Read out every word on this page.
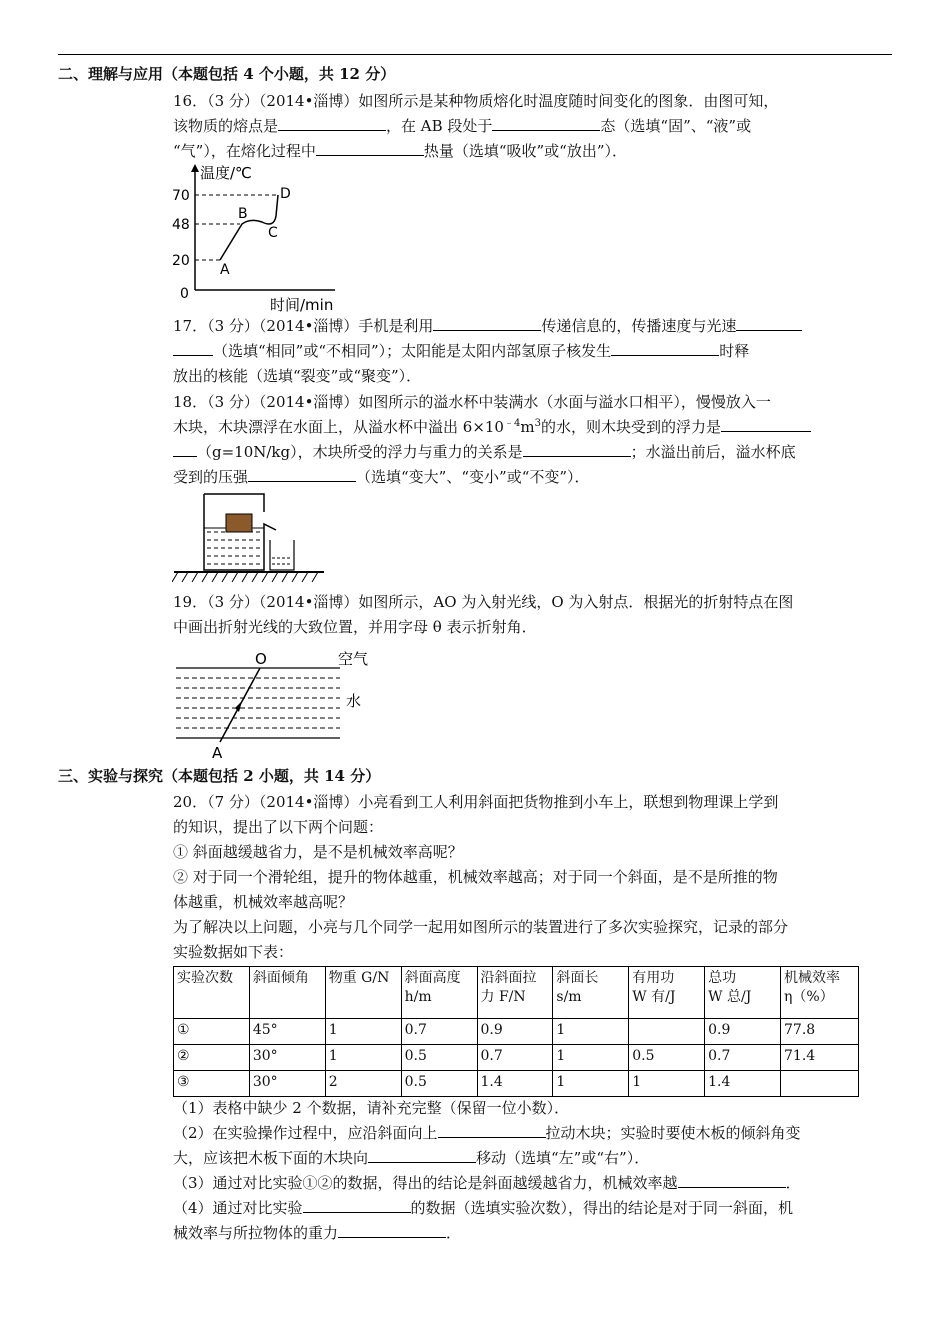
二、理解与应用（本题包括 4 个小题，共 12 分）
16．（3 分）（2014•淄博）如图所示是某种物质熔化时温度随时间变化的图象．由图可知，
该物质的熔点是	，在 AB 段处于	态（选填“固”、“液”或
“气”），在熔化过程中	热量（选填“吸收”或“放出”）．
温度/℃
70
48
20
0
A
B
C
D
时间/min
17．（3 分）（2014•淄博）手机是利用	传递信息的，传播速度与光速
（选填“相同”或“不相同”）；太阳能是太阳内部氢原子核发生	时释
放出的核能（选填“裂变”或“聚变”）．
18．（3 分）（2014•淄博）如图所示的溢水杯中装满水（水面与溢水口相平），慢慢放入一
木块，木块漂浮在水面上，从溢水杯中溢出 $6\times 10^{﹣4}m^3$的水，则木块受到的浮力是
（g=10N/kg），木块所受的浮力与重力的关系是	；水溢出前后，溢水杯底
受到的压强	（选填“变大”、“变小”或“不变”）．
19．（3 分）（2014•淄博）如图所示，AO 为入射光线，O 为入射点．根据光的折射特点在图
中画出折射光线的大致位置，并用字母 θ 表示折射角．
O	空气
水
A
三、实验与探究（本题包括 2 小题，共 14 分）
20．（7 分）（2014•淄博）小亮看到工人利用斜面把货物推到小车上，联想到物理课上学到
的知识，提出了以下两个问题：
① 斜面越缓越省力，是不是机械效率高呢？
② 对于同一个滑轮组，提升的物体越重，机械效率越高；对于同一个斜面，是不是所推的物
体越重，机械效率越高呢？
为了解决以上问题，小亮与几个同学一起用如图所示的装置进行了多次实验探究，记录的部分
实验数据如下表：
实验次数	斜面倾角	物重 G/N	斜面高度
h/m	沿斜面拉
力 F/N	斜面长
s/m	有用功
W 有/J	总功
W 总/J	机械效率
η（%）
①	45°	1	0.7	0.9	1		0.9	77.8
②	30°	1	0.5	0.7	1	0.5	0.7	71.4
③	30°	2	0.5	1.4	1	1	1.4	
（1）表格中缺少 2 个数据，请补充完整（保留一位小数）．
（2）在实验操作过程中，应沿斜面向上	拉动木块；实验时要使木板的倾斜角变
大，应该把木板下面的木块向	移动（选填“左”或“右”）．
（3）通过对比实验①②的数据，得出的结论是斜面越缓越省力，机械效率越	．
（4）通过对比实验	的数据（选填实验次数），得出的结论是对于同一斜面，机
械效率与所拉物体的重力	．
